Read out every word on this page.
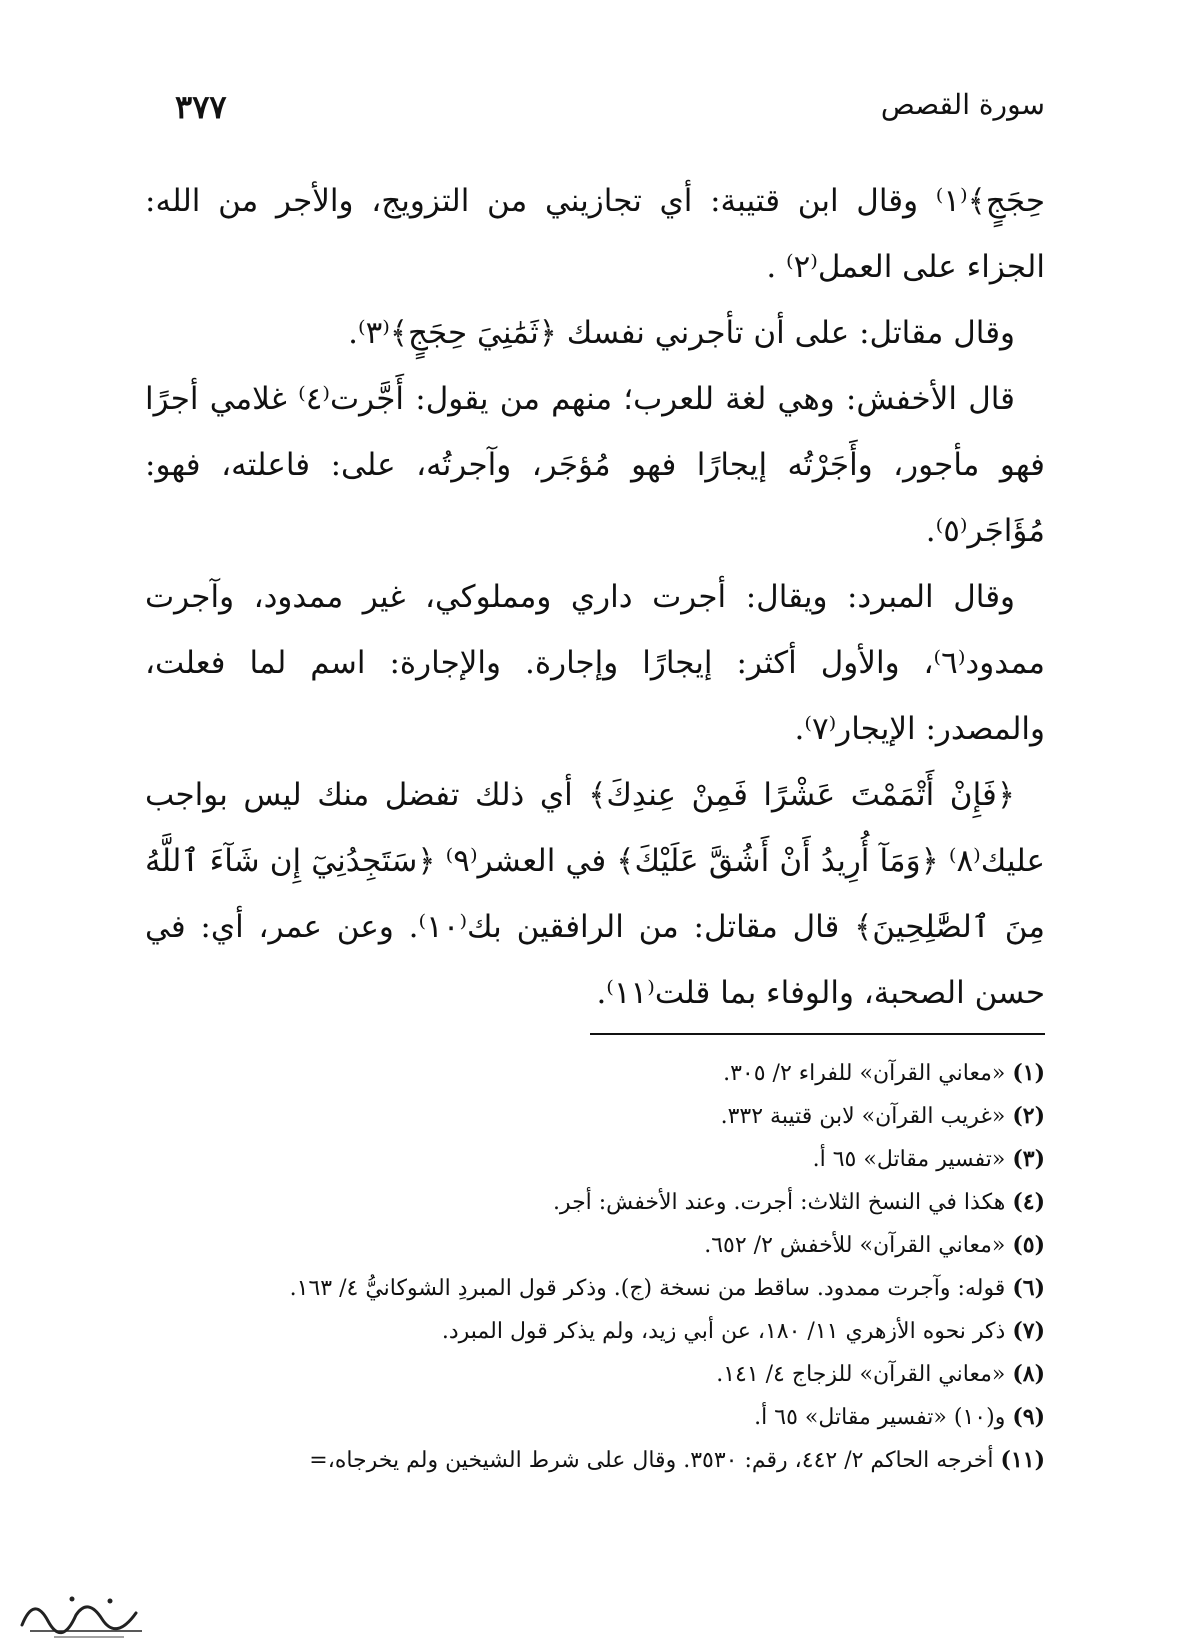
سورة القصص
٣٧٧

حِجَجٍ﴾⁽١⁾ وقال ابن قتيبة: أي تجازيني من التزويج، والأجر من الله: الجزاء على العمل⁽٢⁾ .

وقال مقاتل: على أن تأجرني نفسك ﴿ثَمَٰنِيَ حِجَجٍ﴾⁽٣⁾.

قال الأخفش: وهي لغة للعرب؛ منهم من يقول: أَجَّرت⁽٤⁾ غلامي أجرًا فهو مأجور، وأَجَرْتُه إيجارًا فهو مُؤجَر، وآجرتُه، على: فاعلته، فهو: مُؤَاجَر⁽٥⁾.

وقال المبرد: ويقال: أجرت داري ومملوكي، غير ممدود، وآجرت ممدود⁽٦⁾، والأول أكثر: إيجارًا وإجارة. والإجارة: اسم لما فعلت، والمصدر: الإيجار⁽٧⁾.

﴿فَإِنْ أَتْمَمْتَ عَشْرًا فَمِنْ عِندِكَ﴾ أي ذلك تفضل منك ليس بواجب عليك⁽٨⁾ ﴿وَمَآ أُرِيدُ أَنْ أَشُقَّ عَلَيْكَ﴾ في العشر⁽٩⁾ ﴿سَتَجِدُنِيٓ إِن شَآءَ ٱللَّهُ مِنَ ٱلصَّٰلِحِينَ﴾ قال مقاتل: من الرافقين بك⁽١٠⁾. وعن عمر، أي: في حسن الصحبة، والوفاء بما قلت⁽١١⁾.

(١) «معاني القرآن» للفراء ٢/ ٣٠٥.
(٢) «غريب القرآن» لابن قتيبة ٣٣٢.
(٣) «تفسير مقاتل» ٦٥ أ.
(٤) هكذا في النسخ الثلاث: أجرت. وعند الأخفش: أجر.
(٥) «معاني القرآن» للأخفش ٢/ ٦٥٢.
(٦) قوله: وآجرت ممدود. ساقط من نسخة (ج). وذكر قول المبردِ الشوكانيُّ ٤/ ١٦٣.
(٧) ذكر نحوه الأزهري ١١/ ١٨٠، عن أبي زيد، ولم يذكر قول المبرد.
(٨) «معاني القرآن» للزجاج ٤/ ١٤١.
(٩) و(١٠) «تفسير مقاتل» ٦٥ أ.
(١١) أخرجه الحاكم ٢/ ٤٤٢، رقم: ٣٥٣٠. وقال على شرط الشيخين ولم يخرجاه،=
